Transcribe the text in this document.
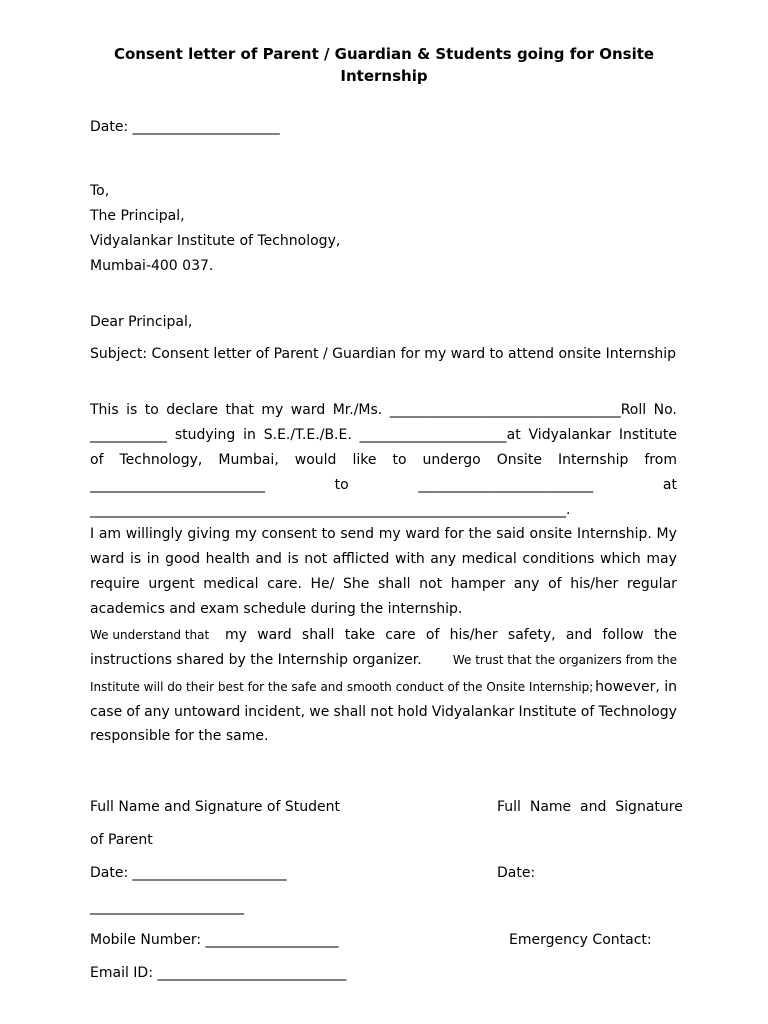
Consent letter of Parent / Guardian & Students going for Onsite
Internship
Date: _____________________
To,
The Principal,
Vidyalankar Institute of Technology,
Mumbai-400 037.
Dear Principal,
Subject: Consent letter of Parent / Guardian for my ward to attend onsite Internship
This is to declare that my ward Mr./Ms. _________________________________Roll No.
___________ studying in S.E./T.E./B.E. _____________________at Vidyalankar Institute
of Technology, Mumbai, would like to undergo Onsite Internship from
_________________________	to	_________________________	at
____________________________________________________________________.
I am willingly giving my consent to send my ward for the said onsite Internship. My
ward is in good health and is not afflicted with any medical conditions which may
require urgent medical care. He/ She shall not hamper any of his/her regular
academics and exam schedule during the internship.
We understand that my ward shall take care of his/her safety, and follow the
instructions shared by the Internship organizer.	We trust that the organizers from the
Institute will do their best for the safe and smooth conduct of the Onsite Internship; however, in
case of any untoward incident, we shall not hold Vidyalankar Institute of Technology
responsible for the same.
Full Name and Signature of Student	Full  Name  and  Signature
of Parent
Date: ______________________	Date:
______________________
Mobile Number: ___________________	Emergency Contact:
Email ID: ___________________________
